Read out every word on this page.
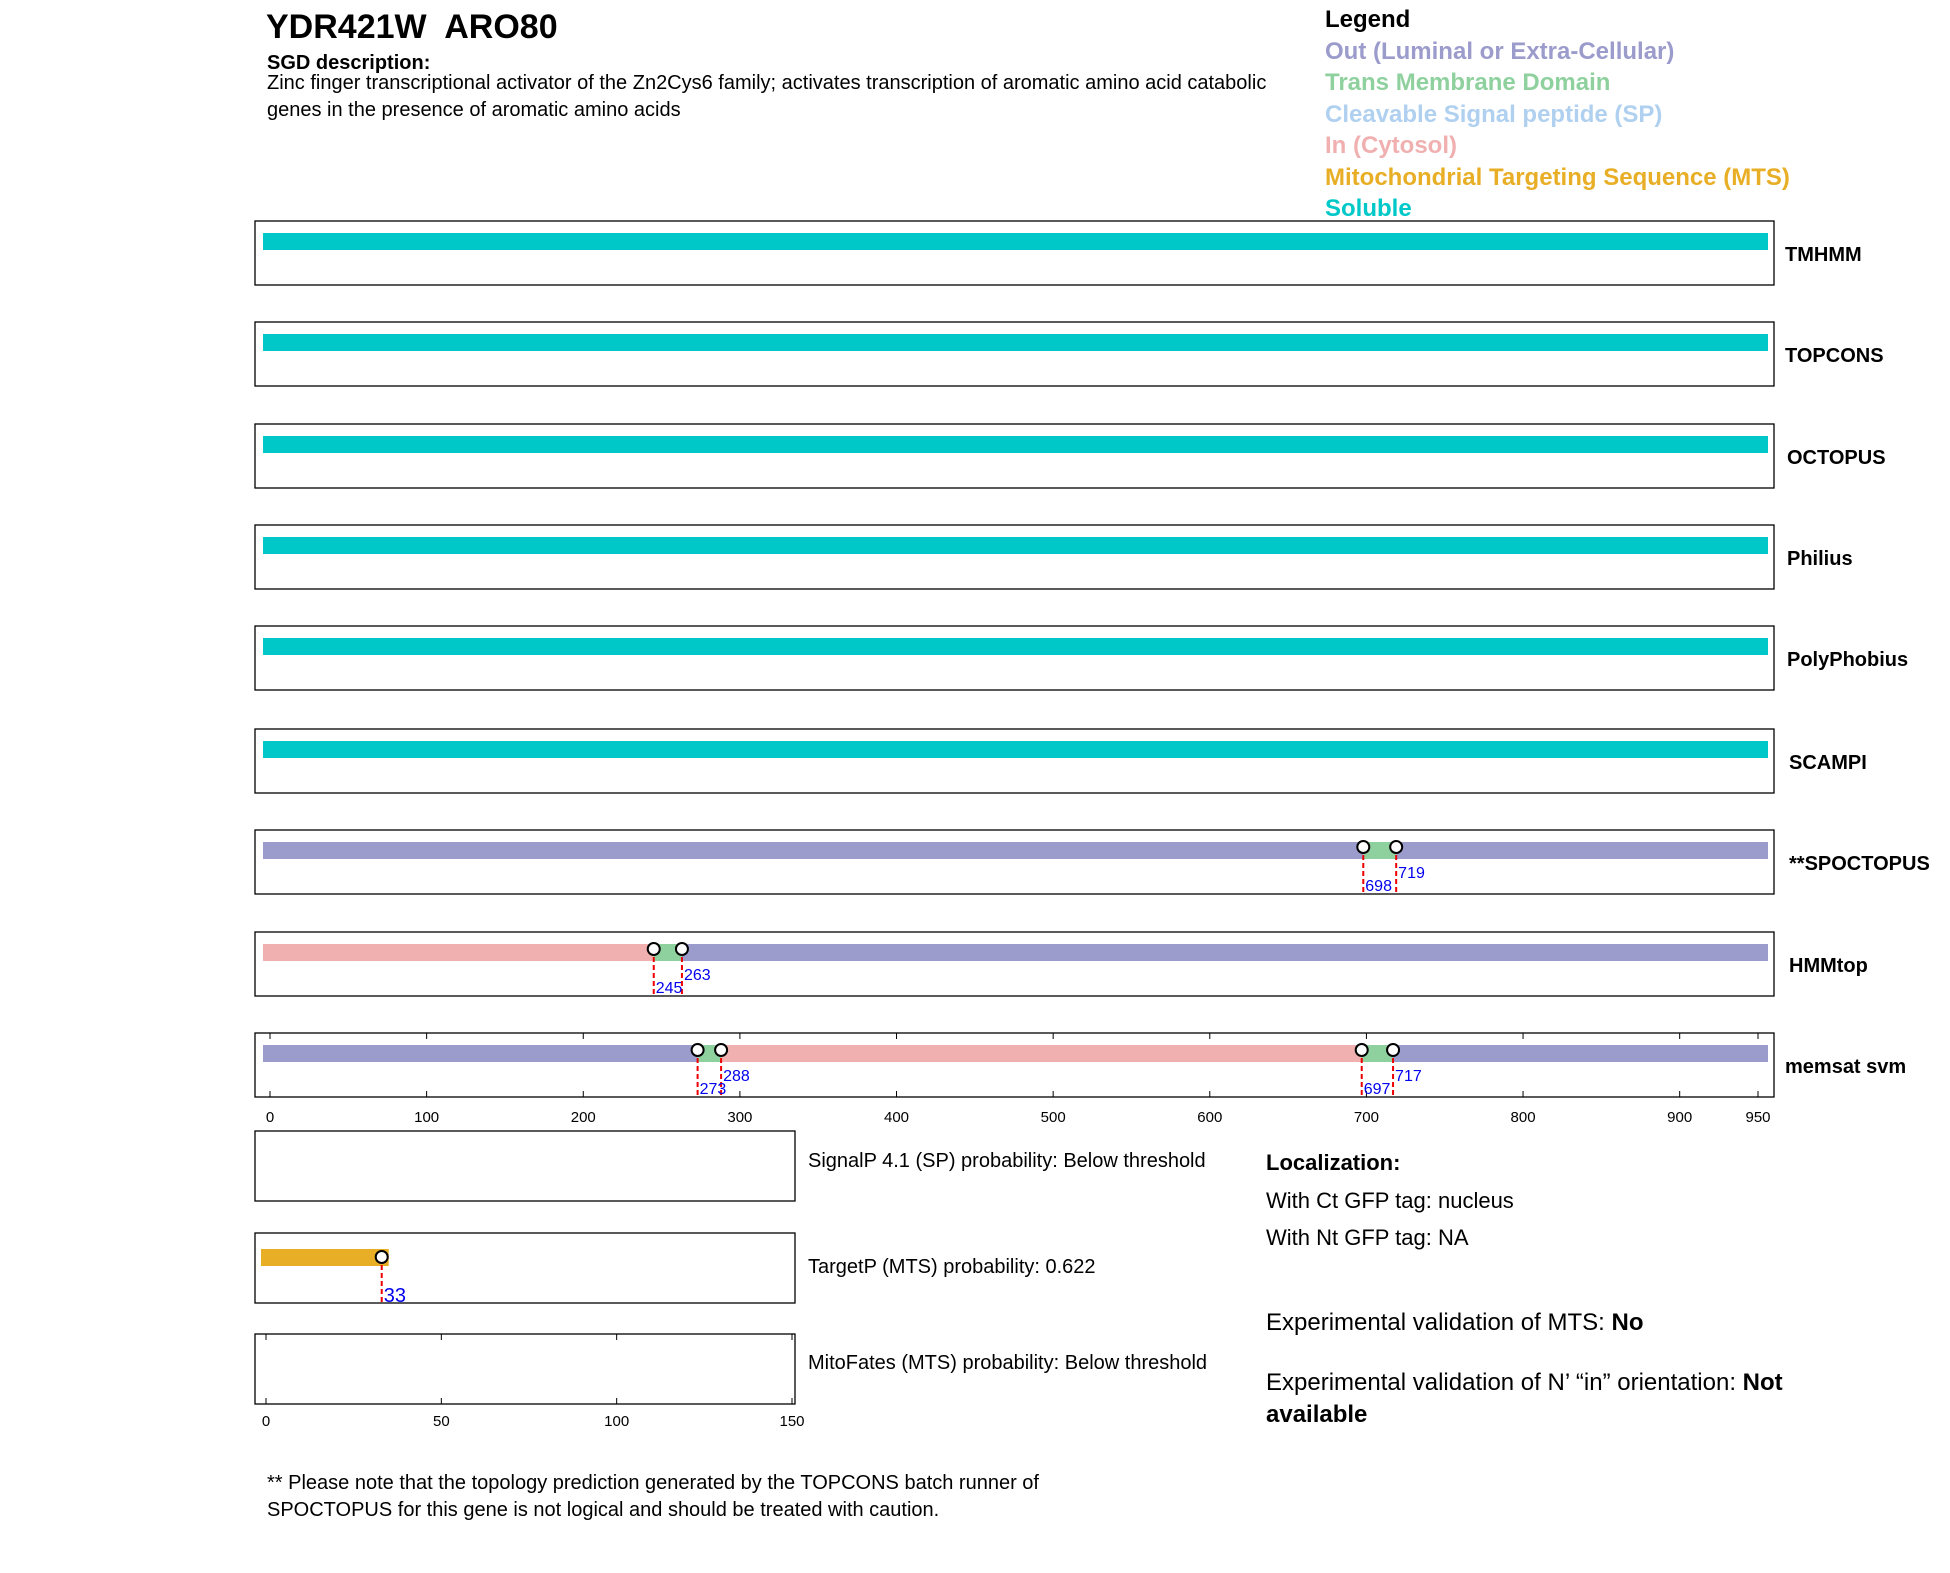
YDR421W  ARO80
SGD description:
Zinc finger transcriptional activator of the Zn2Cys6 family; activates transcription of aromatic amino acid catabolic genes in the presence of aromatic amino acids
Legend
Out (Luminal or Extra-Cellular)
Trans Membrane Domain
Cleavable Signal peptide (SP)
In (Cytosol)
Mitochondrial Targeting Sequence (MTS)
Soluble
TMHMM
TOPCONS
OCTOPUS
Philius
PolyPhobius
SCAMPI
698
719	**SPOCTOPUS
245
263	HMMtop
273
288
697
717	memsat svm
0	100	200	300	400	500	600	700	800	900	950
33
0	50	100	150
SignalP 4.1 (SP) probability: Below threshold
TargetP (MTS) probability: 0.622
MitoFates (MTS) probability: Below threshold
Localization:
With Ct GFP tag: nucleus
With Nt GFP tag: NA
Experimental validation of MTS: No
Experimental validation of N’ “in” orientation: Not available
** Please note that the topology prediction generated by the TOPCONS batch runner of SPOCTOPUS for this gene is not logical and should be treated with caution.
